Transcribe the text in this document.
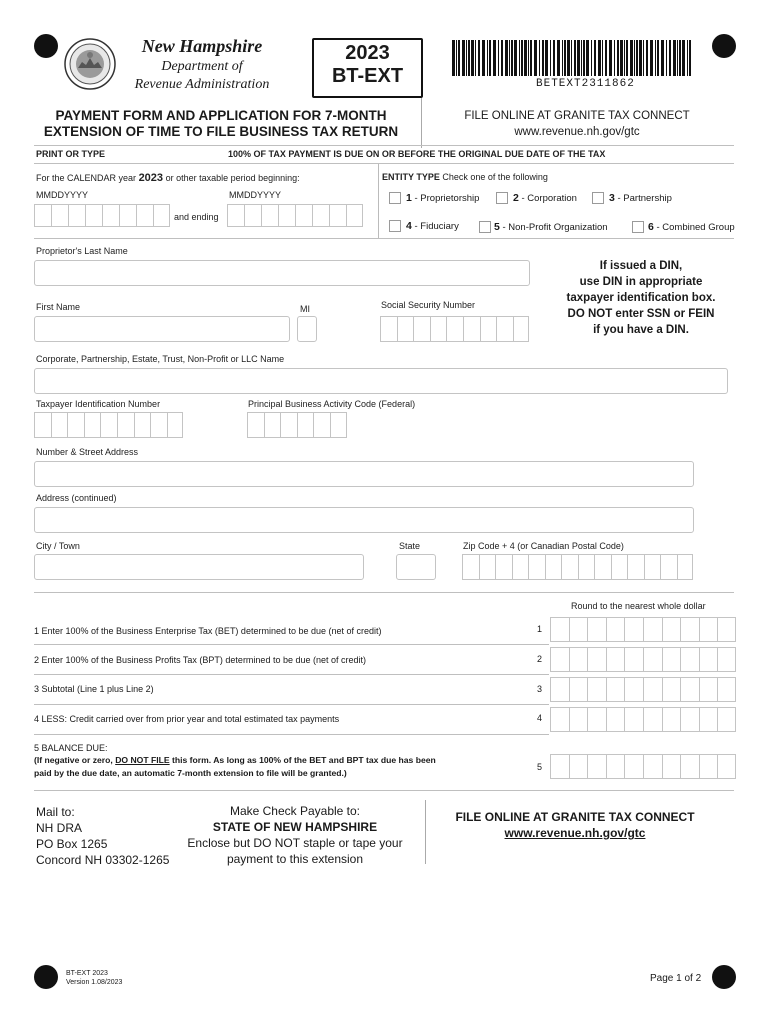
New Hampshire
Department of
Revenue Administration
2023
BT-EXT	BETEXT2311862
PAYMENT FORM AND APPLICATION FOR 7-MONTH
EXTENSION OF TIME TO FILE BUSINESS TAX RETURN
FILE ONLINE AT GRANITE TAX CONNECT
www.revenue.nh.gov/gtc
PRINT OR TYPE	100% OF TAX PAYMENT IS DUE ON OR BEFORE THE ORIGINAL DUE DATE OF THE TAX
For the CALENDAR year 2023 or other taxable period beginning:
MMDDYYYY	MMDDYYYY
and ending
ENTITY TYPE Check one of the following
1 - Proprietorship	2 - Corporation	3 - Partnership
4 - Fiduciary	5 - Non-Profit Organization	6 - Combined Group
Proprietor's Last Name
If issued a DIN,
use DIN in appropriate
taxpayer identification box.
DO NOT enter SSN or FEIN
if you have a DIN.
First Name	MI	Social Security Number
Corporate, Partnership, Estate, Trust, Non-Profit or LLC Name
Taxpayer Identification Number	Principal Business Activity Code (Federal)
Number & Street Address
Address (continued)
City / Town	State	Zip Code + 4 (or Canadian Postal Code)
Round to the nearest whole dollar
1 Enter 100% of the Business Enterprise Tax (BET) determined to be due (net of credit)	1
2 Enter 100% of the Business Profits Tax (BPT) determined to be due (net of credit)	2
3 Subtotal (Line 1 plus Line 2)	3
4 LESS: Credit carried over from prior year and total estimated tax payments	4
5 BALANCE DUE:
(If negative or zero, DO NOT FILE this form. As long as 100% of the BET and BPT tax due has been
paid by the due date, an automatic 7-month extension to file will be granted.)
5
Mail to:
NH DRA
PO Box 1265
Concord NH 03302-1265
Make Check Payable to:
STATE OF NEW HAMPSHIRE
Enclose but DO NOT staple or tape your
payment to this extension
FILE ONLINE AT GRANITE TAX CONNECT
www.revenue.nh.gov/gtc
BT-EXT 2023
Version 1.08/2023	Page 1 of 2
